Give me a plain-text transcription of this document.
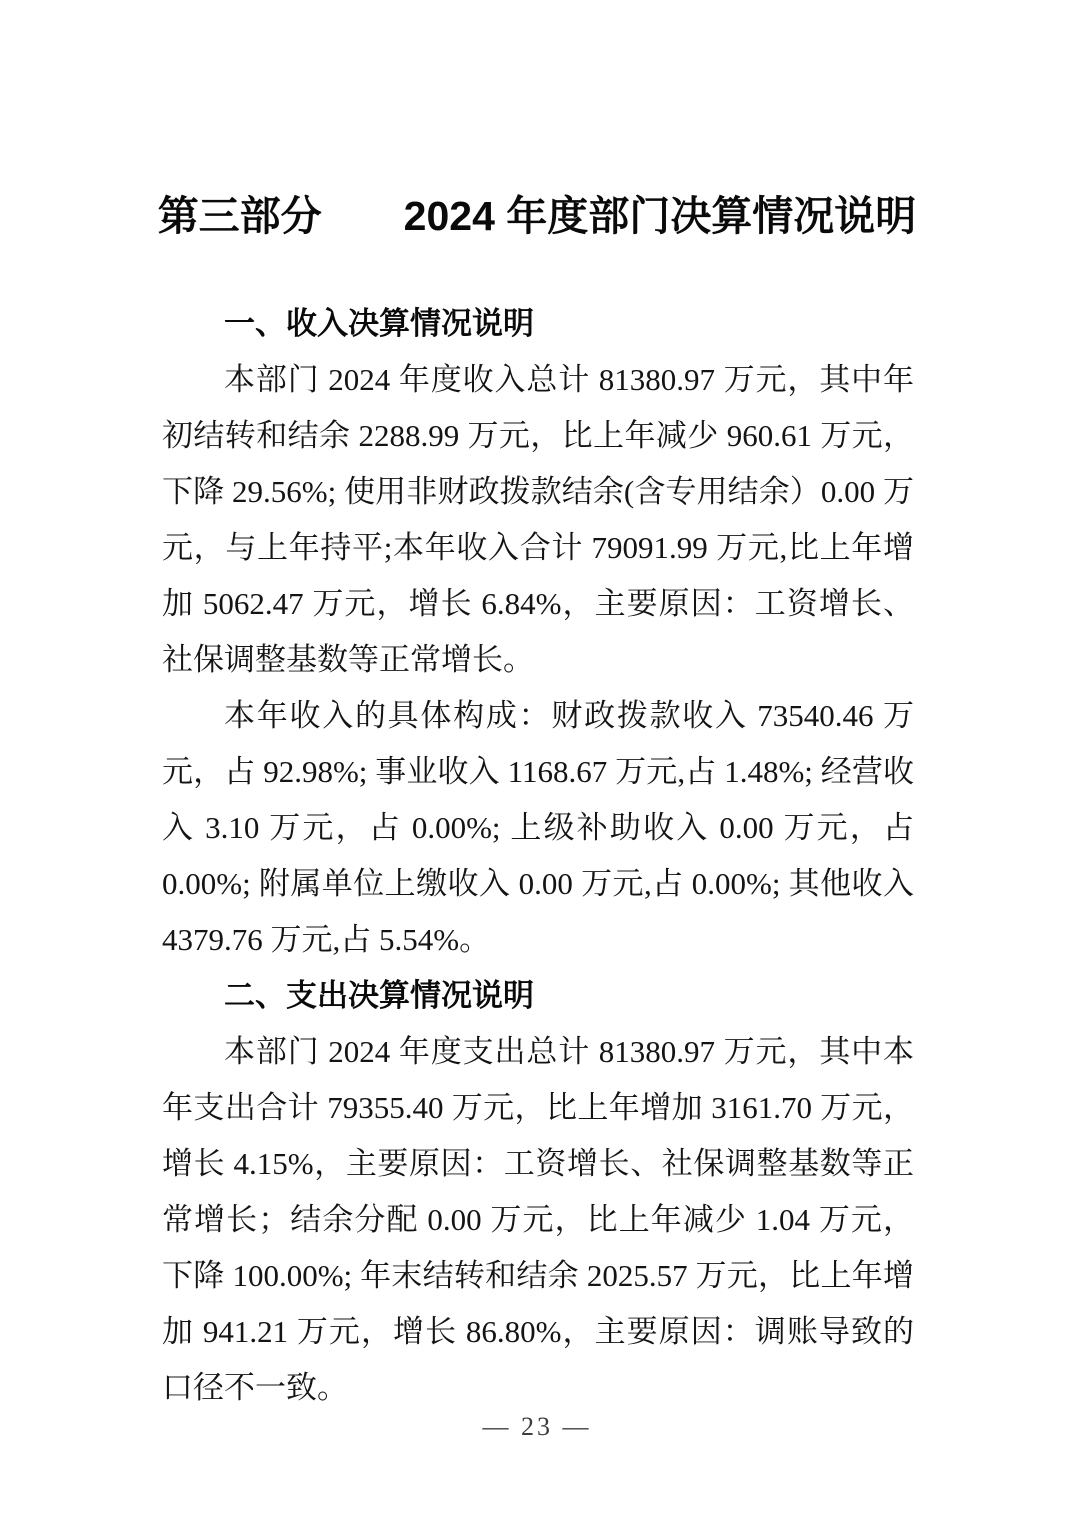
第三部分　　2024 年度部门决算情况说明
一、收入决算情况说明

本部门 2024 年度收入总计 81380.97 万元，其中年初结转和结余 2288.99 万元，比上年减少 960.61 万元，下降 29.56%; 使用非财政拨款结余(含专用结余）0.00 万元，与上年持平;本年收入合计 79091.99 万元,比上年增加 5062.47 万元，增长 6.84%，主要原因：工资增长、社保调整基数等正常增长。

本年收入的具体构成：财政拨款收入 73540.46 万元，占 92.98%; 事业收入 1168.67 万元,占 1.48%; 经营收入 3.10 万元，占 0.00%; 上级补助收入 0.00 万元，占 0.00%; 附属单位上缴收入 0.00 万元,占 0.00%; 其他收入 4379.76 万元,占 5.54%。

二、支出决算情况说明

本部门 2024 年度支出总计 81380.97 万元，其中本年支出合计 79355.40 万元，比上年增加 3161.70 万元，增长 4.15%，主要原因：工资增长、社保调整基数等正常增长；结余分配 0.00 万元，比上年减少 1.04 万元，下降 100.00%; 年末结转和结余 2025.57 万元，比上年增加 941.21 万元，增长 86.80%，主要原因：调账导致的口径不一致。

— 23 —
